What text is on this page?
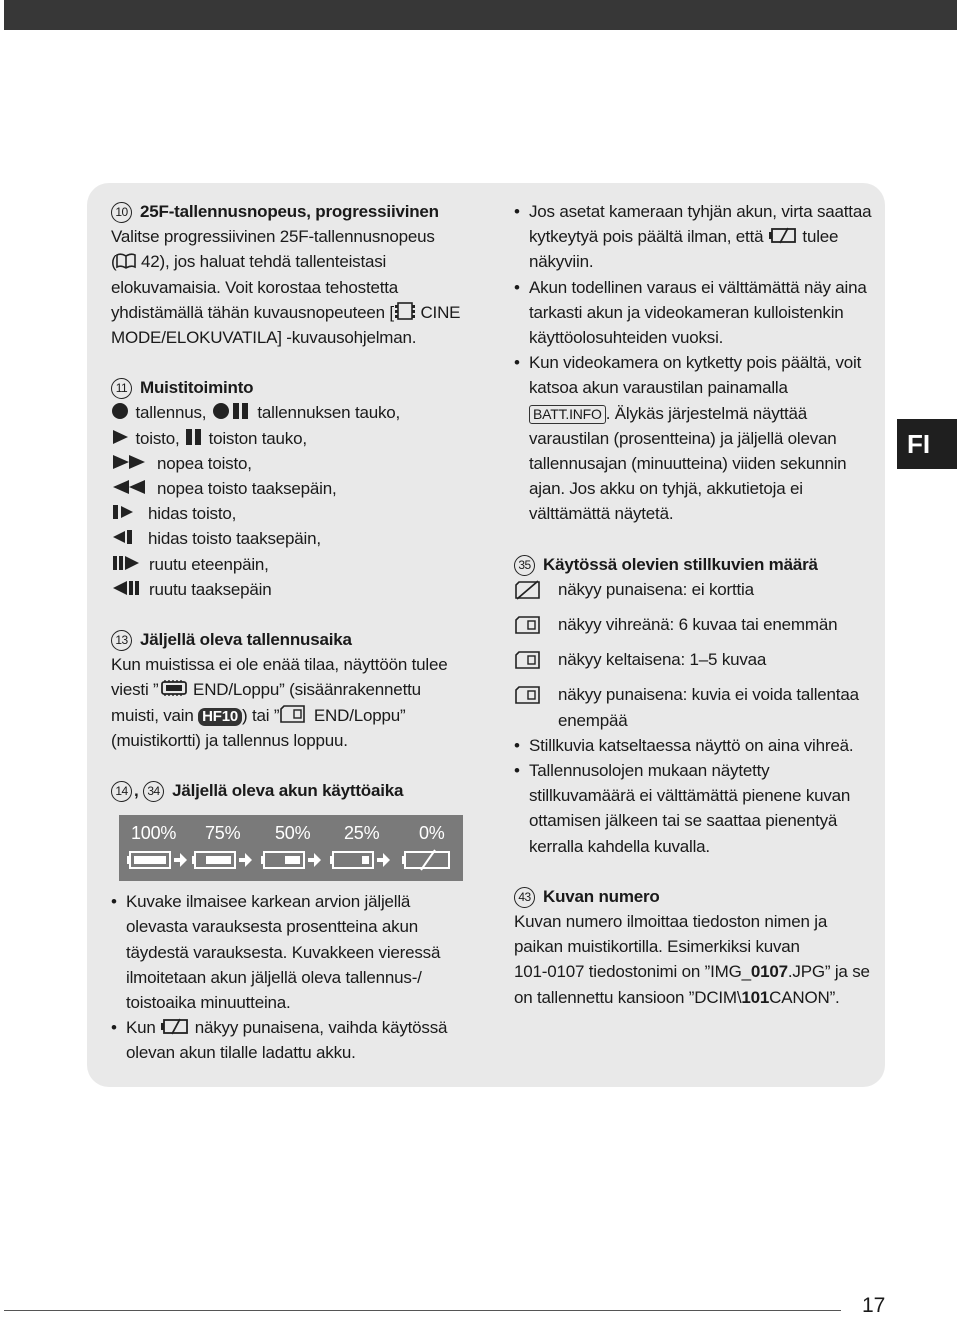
10 25F-tallennusnopeus, progressiivinen

Valitse progressiivinen 25F-tallennusnopeus

( 42), jos haluat tehdä tallenteistasi

elokuvamaisia. Voit korostaa tehostetta

yhdistämällä tähän kuvausnopeuteen [ CINE

MODE/ELOKUVATILA] -kuvausohjelman.

11 Muistitoiminto

tallennus,	tallennuksen tauko,

toisto, toiston tauko,

nopea toisto,

nopea toisto taaksepäin,

hidas toisto,

hidas toisto taaksepäin,

ruutu eteenpäin,

ruutu taaksepäin

13 Jäljellä oleva tallennusaika

Kun muistissa ei ole enää tilaa, näyttöön tulee

viesti ” END/Loppu” (sisäänrakennettu

muisti, vain HF10 ) tai ” END/Loppu”

(muistikortti) ja tallennus loppuu.

14 , 34 Jäljellä oleva akun käyttöaika

100% 75% 50% 25% 0%

• Kuvake ilmaisee karkean arvion jäljellä
olevasta varauksesta prosentteina akun
täydestä varauksesta. Kuvakkeen vieressä
ilmoitetaan akun jäljellä oleva tallennus-/
toistoaika minuutteina.

• Kun näkyy punaisena, vaihda käytössä
olevan akun tilalle ladattu akku.

• Jos asetat kameraan tyhjän akun, virta saattaa
kytkeytyä pois päältä ilman, että tulee
näkyviin.

• Akun todellinen varaus ei välttämättä näy aina
tarkasti akun ja videokameran kulloistenkin
käyttöolosuhteiden vuoksi.

• Kun videokamera on kytketty pois päältä, voit
katsoa akun varaustilan painamalla
BATT.INFO . Älykäs järjestelmä näyttää
varaustilan (prosentteina) ja jäljellä olevan
tallennusajan (minuutteina) viiden sekunnin
ajan. Jos akku on tyhjä, akkutietoja ei
välttämättä näytetä.

35 Käytössä olevien stillkuvien määrä

näkyy punaisena: ei korttia

näkyy vihreänä: 6 kuvaa tai enemmän

näkyy keltaisena: 1–5 kuvaa

näkyy punaisena: kuvia ei voida tallentaa
enempää

• Stillkuvia katseltaessa näyttö on aina vihreä.

• Tallennusolojen mukaan näytetty
stillkuvamäärä ei välttämättä pienene kuvan
ottamisen jälkeen tai se saattaa pienentyä
kerralla kahdella kuvalla.

43 Kuvan numero

Kuvan numero ilmoittaa tiedoston nimen ja

paikan muistikortilla. Esimerkiksi kuvan

101-0107 tiedostonimi on ”IMG_0107.JPG” ja se

on tallennettu kansioon ”DCIM\101CANON”.

FI
17
